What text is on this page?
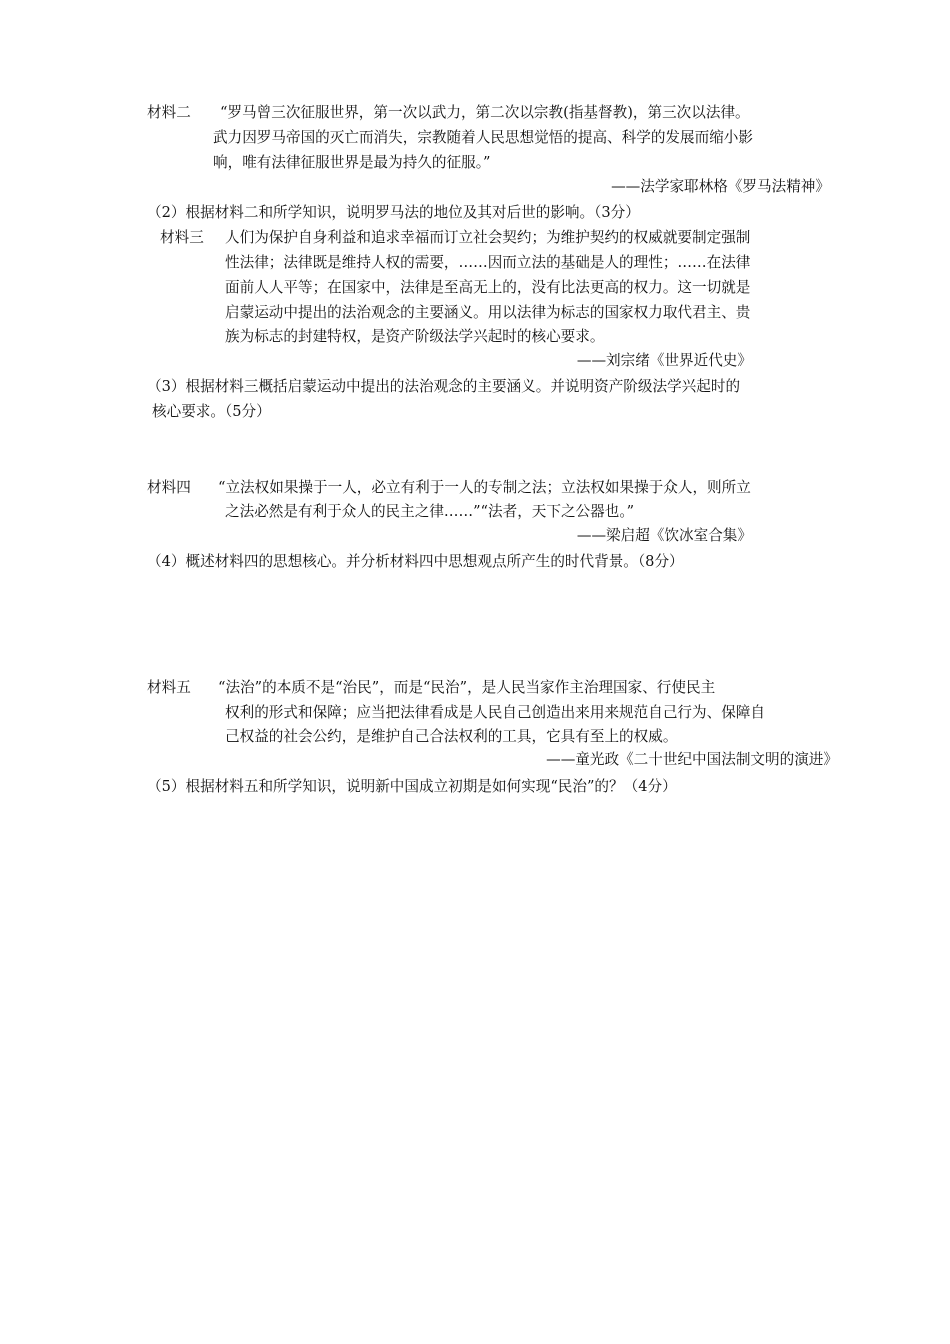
材料二 “罗马曾三次征服世界，第一次以武力，第二次以宗教(指基督教)，第三次以法律。
武力因罗马帝国的灭亡而消失，宗教随着人民思想觉悟的提高、科学的发展而缩小影
响，唯有法律征服世界是最为持久的征服。”
——法学家耶林格《罗马法精神》
（2）根据材料二和所学知识，说明罗马法的地位及其对后世的影响。（3分）
材料三 人们为保护自身利益和追求幸福而订立社会契约；为维护契约的权威就要制定强制
性法律；法律既是维持人权的需要，……因而立法的基础是人的理性；……在法律
面前人人平等；在国家中，法律是至高无上的，没有比法更高的权力。这一切就是
启蒙运动中提出的法治观念的主要涵义。用以法律为标志的国家权力取代君主、贵
族为标志的封建特权，是资产阶级法学兴起时的核心要求。
——刘宗绪《世界近代史》
（3）根据材料三概括启蒙运动中提出的法治观念的主要涵义。并说明资产阶级法学兴起时的
核心要求。（5分）
材料四 “立法权如果操于一人，必立有利于一人的专制之法；立法权如果操于众人，则所立
之法必然是有利于众人的民主之律……”“法者，天下之公器也。”
——梁启超《饮冰室合集》
（4）概述材料四的思想核心。并分析材料四中思想观点所产生的时代背景。（8分）
材料五 “法治”的本质不是“治民”，而是“民治”，是人民当家作主治理国家、行使民主
权利的形式和保障；应当把法律看成是人民自己创造出来用来规范自己行为、保障自
己权益的社会公约，是维护自己合法权利的工具，它具有至上的权威。
——童光政《二十世纪中国法制文明的演进》
（5）根据材料五和所学知识，说明新中国成立初期是如何实现“民治”的？（4分）
